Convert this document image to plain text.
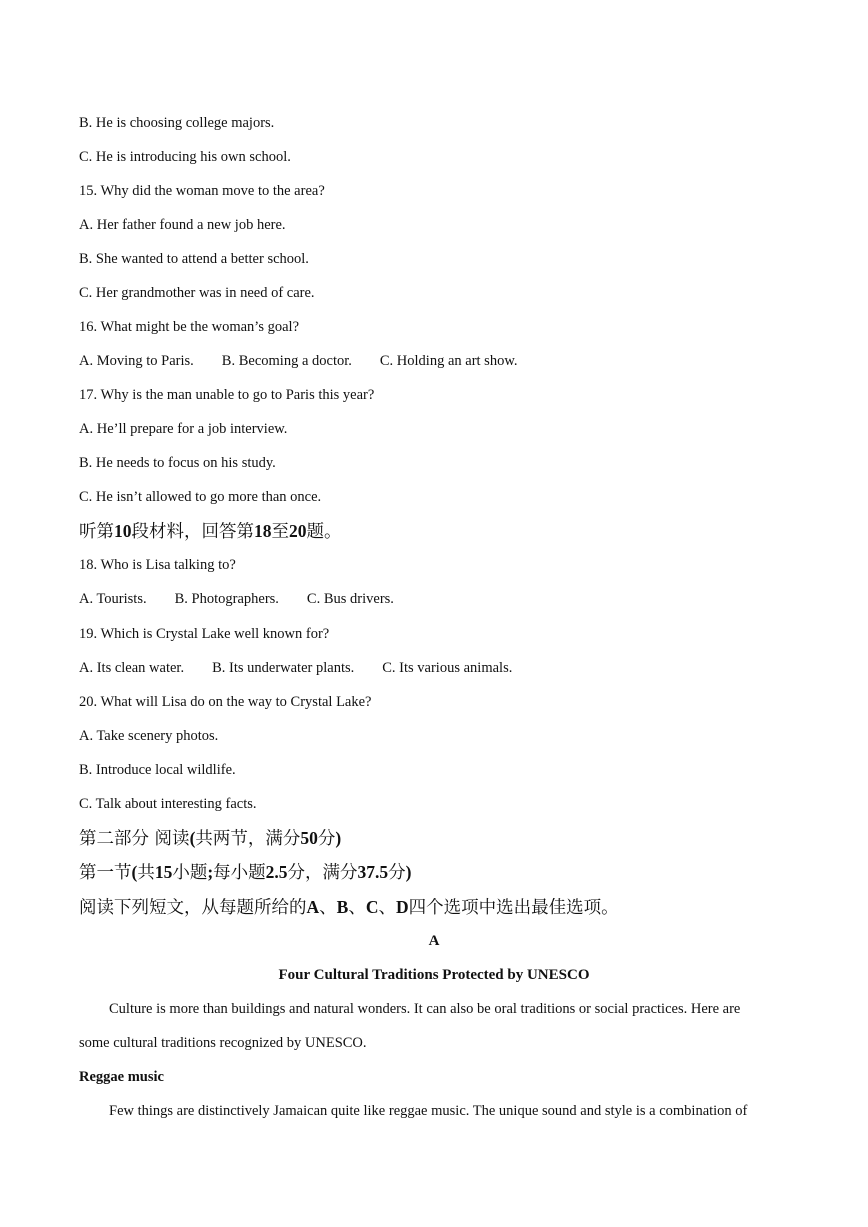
B. He is choosing college majors.
C. He is introducing his own school.
15. Why did the woman move to the area?
A. Her father found a new job here.
B. She wanted to attend a better school.
C. Her grandmother was in need of care.
16. What might be the woman’s goal?
A. Moving to Paris. B. Becoming a doctor. C. Holding an art show.
17. Why is the man unable to go to Paris this year?
A. He’ll prepare for a job interview.
B. He needs to focus on his study.
C. He isn’t allowed to go more than once.
听第10段材料，回答第18至20题。
18. Who is Lisa talking to?
A. Tourists. B. Photographers. C. Bus drivers.
19. Which is Crystal Lake well known for?
A. Its clean water. B. Its underwater plants. C. Its various animals.
20. What will Lisa do on the way to Crystal Lake?
A. Take scenery photos.
B. Introduce local wildlife.
C. Talk about interesting facts.
第二部分 阅读(共两节，满分50分)
第一节(共15小题;每小题2.5分，满分37.5分)
阅读下列短文，从每题所给的A、B、C、D四个选项中选出最佳选项。
A
Four Cultural Traditions Protected by UNESCO
Culture is more than buildings and natural wonders. It can also be oral traditions or social practices. Here are
some cultural traditions recognized by UNESCO.
Reggae music
Few things are distinctively Jamaican quite like reggae music. The unique sound and style is a combination of
